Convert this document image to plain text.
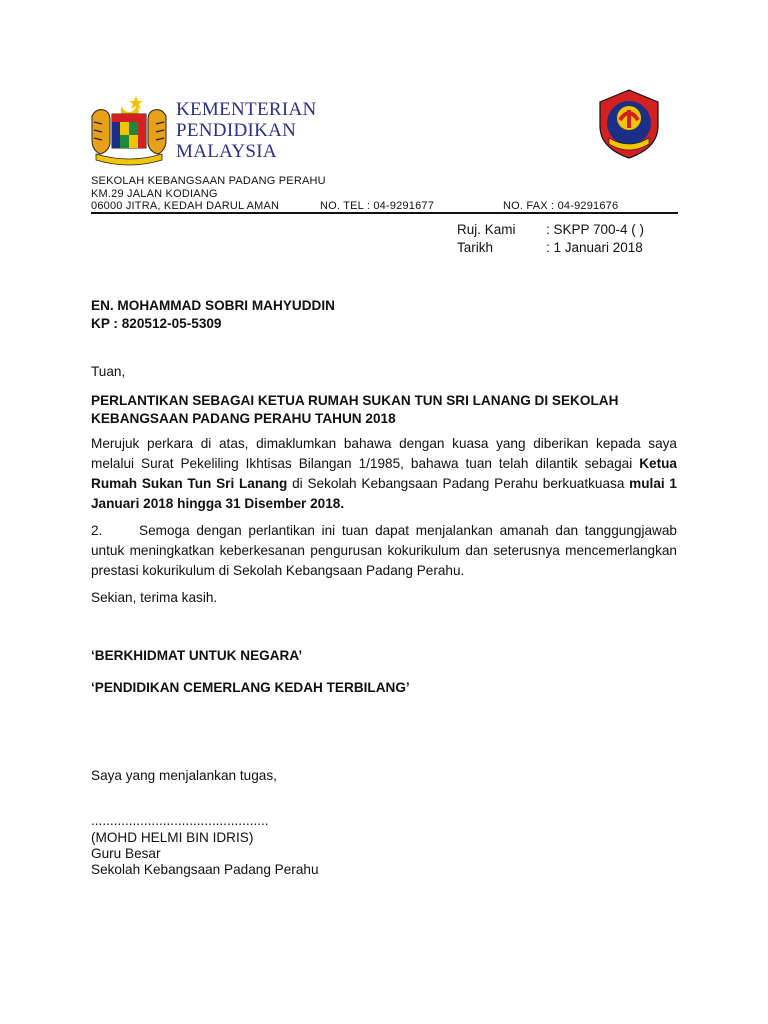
KEMENTERIAN
PENDIDIKAN
MALAYSIA
SEKOLAH KEBANGSAAN PADANG PERAHU
KM.29 JALAN KODIANG
06000 JITRA, KEDAH DARUL AMAN	NO. TEL : 04-9291677	NO. FAX : 04-9291676
Ruj. Kami : SKPP 700-4 ( )
Tarikh	: 1 Januari 2018
EN. MOHAMMAD SOBRI MAHYUDDIN
KP : 820512-05-5309
Tuan,
PERLANTIKAN SEBAGAI KETUA RUMAH SUKAN TUN SRI LANANG DI SEKOLAH
KEBANGSAAN PADANG PERAHU TAHUN 2018
Merujuk perkara di atas, dimaklumkan bahawa dengan kuasa yang diberikan kepada saya melalui Surat Pekeliling Ikhtisas Bilangan 1/1985, bahawa tuan telah dilantik sebagai Ketua Rumah Sukan Tun Sri Lanang di Sekolah Kebangsaan Padang Perahu berkuatkuasa mulai 1 Januari 2018 hingga 31 Disember 2018.
2.	Semoga dengan perlantikan ini tuan dapat menjalankan amanah dan tanggungjawab untuk meningkatkan keberkesanan pengurusan kokurikulum dan seterusnya mencemerlangkan prestasi kokurikulum di Sekolah Kebangsaan Padang Perahu.
Sekian, terima kasih.
‘BERKHIDMAT UNTUK NEGARA’
‘PENDIDIKAN CEMERLANG KEDAH TERBILANG’
Saya yang menjalankan tugas,
...............................................
(MOHD HELMI BIN IDRIS)
Guru Besar
Sekolah Kebangsaan Padang Perahu
